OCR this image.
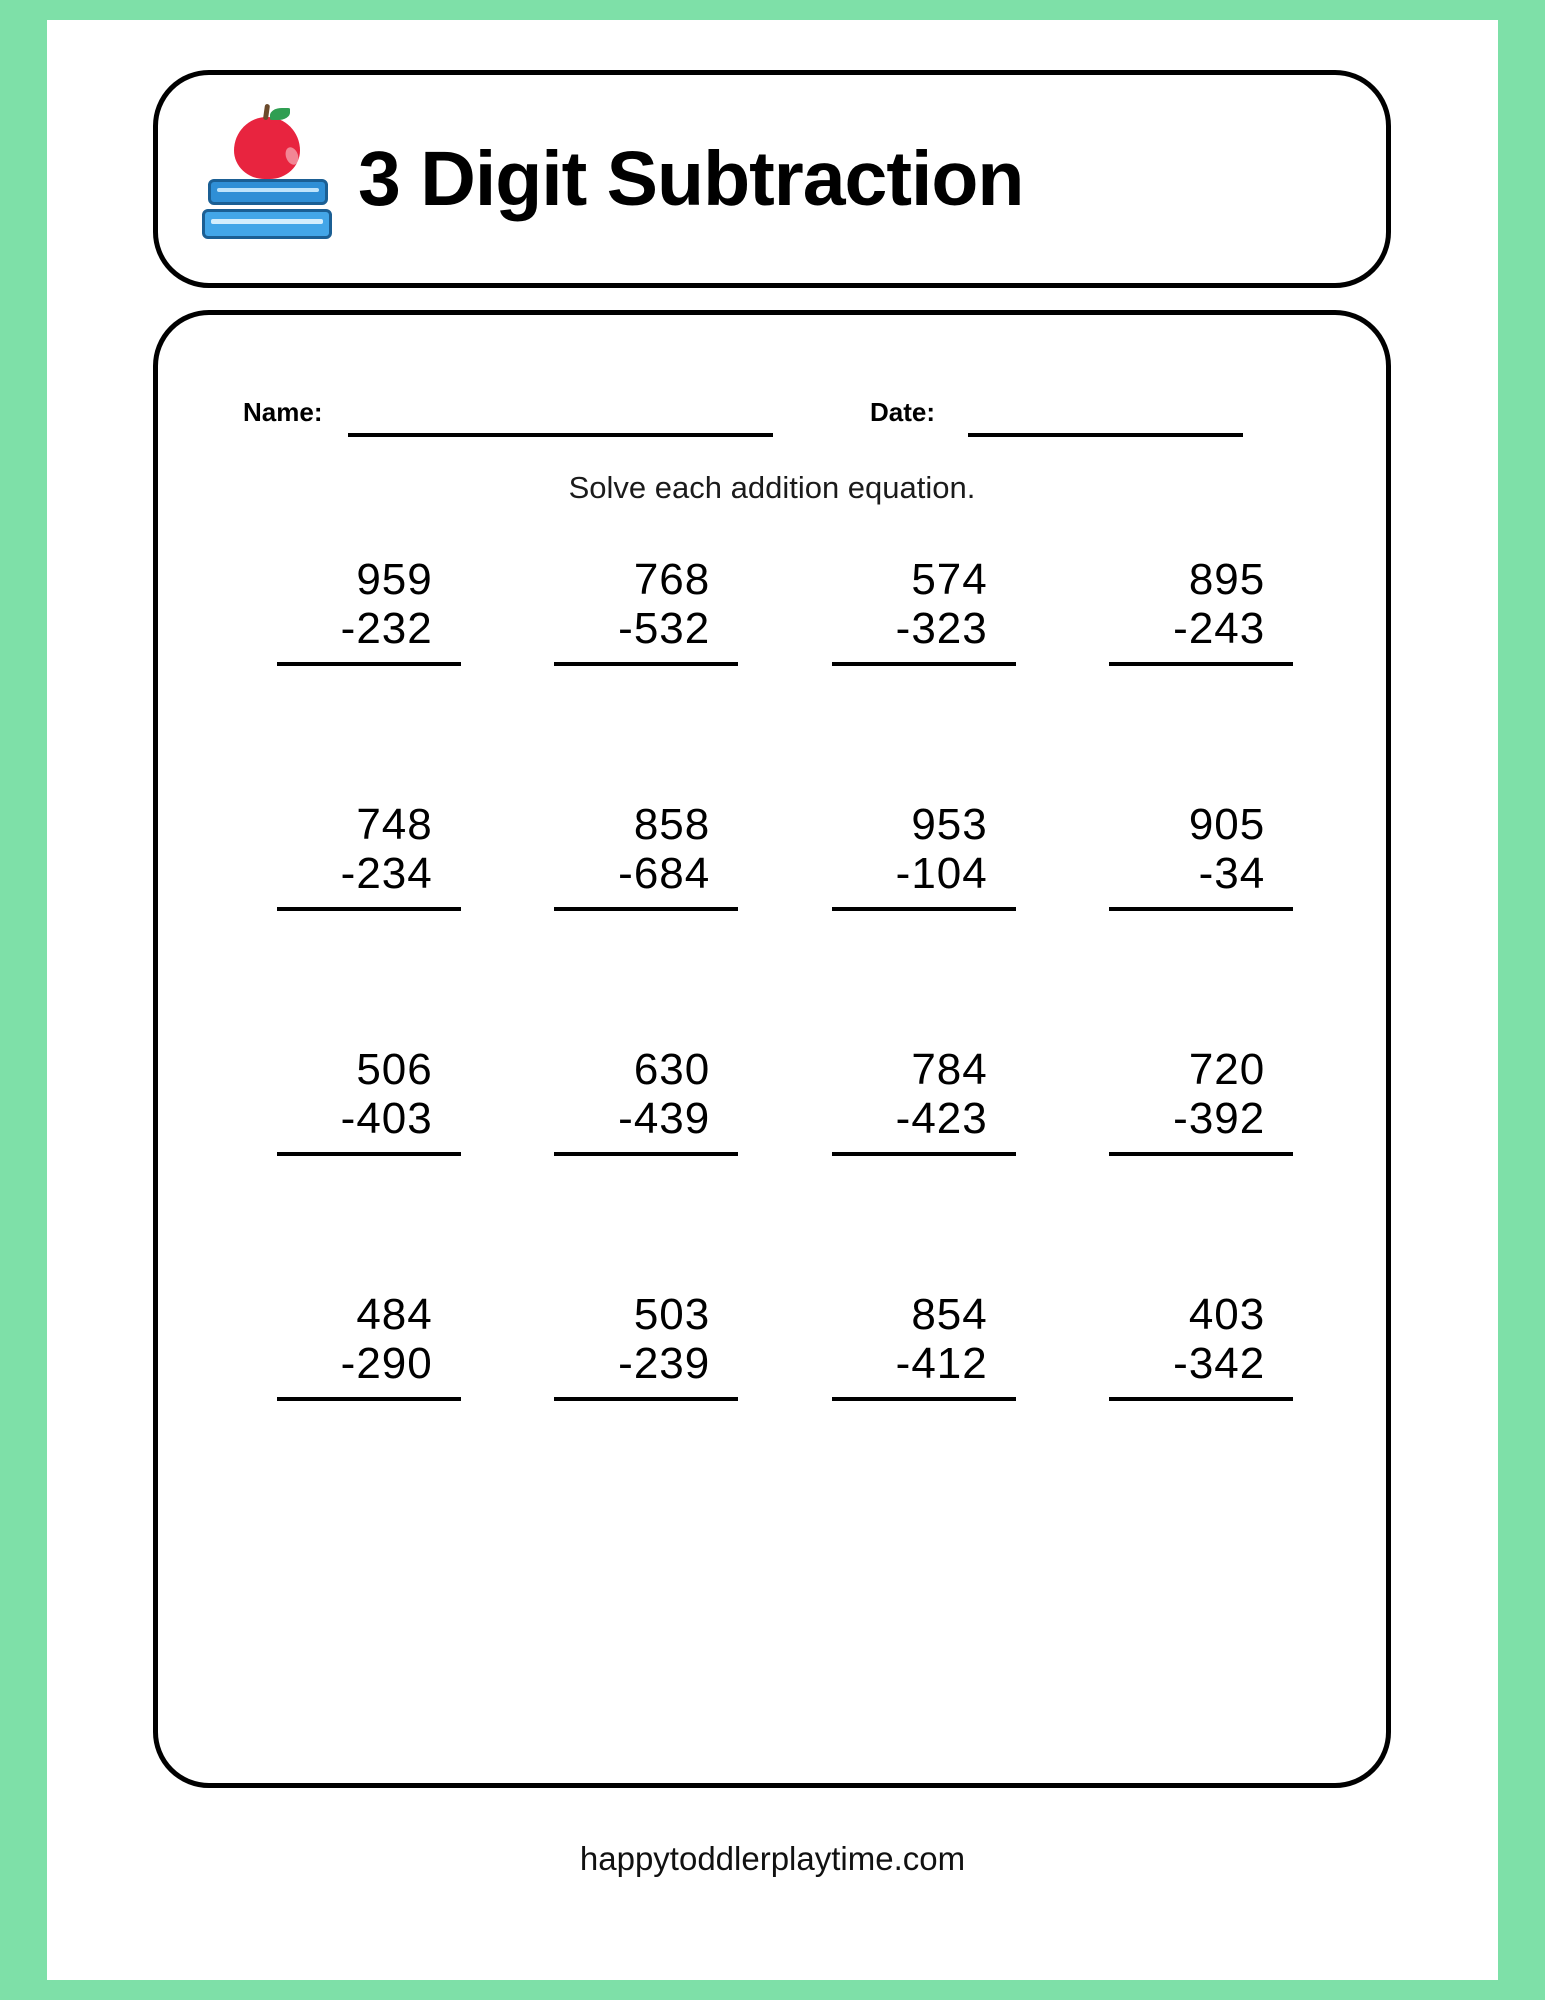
3 Digit Subtraction
Name:	Date:
Solve each addition equation.
959
-232
768
-532
574
-323
895
-243
748
-234
858
-684
953
-104
905
-34
506
-403
630
-439
784
-423
720
-392
484
-290
503
-239
854
-412
403
-342
happytoddlerplaytime.com
